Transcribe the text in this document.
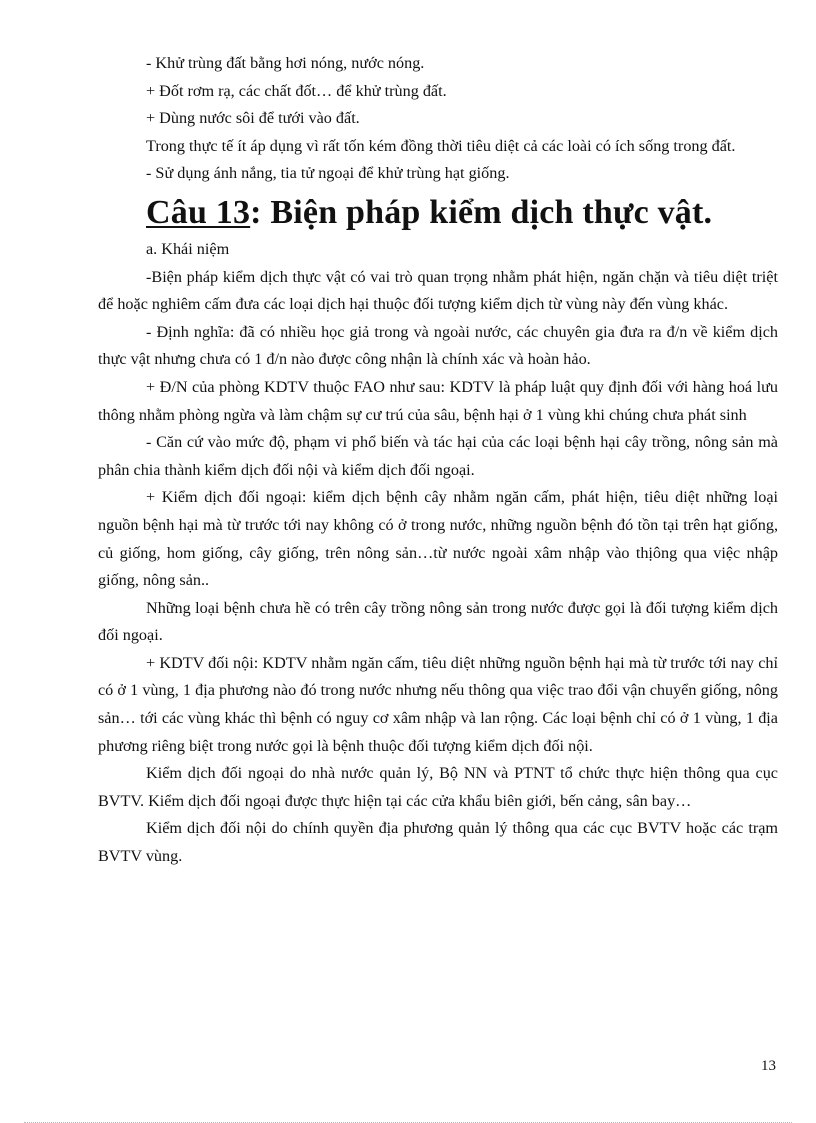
- Khử trùng đất bằng hơi nóng, nước nóng.

+ Đốt rơm rạ, các chất đốt… để khử trùng đất.

+ Dùng nước sôi để tưới vào đất.

Trong thực tế ít áp dụng vì rất tốn kém đồng thời tiêu diệt cả các loài có ích sống trong đất.

- Sử dụng ánh nắng, tia tử ngoại để khử trùng hạt giống.

Câu 13: Biện pháp kiểm dịch thực vật.

a. Khái niệm

-Biện pháp kiểm dịch thực vật có vai trò quan trọng nhằm phát hiện, ngăn chặn và tiêu diệt triệt để hoặc nghiêm cấm đưa các loại dịch hại thuộc đối tượng kiểm dịch từ vùng này đến vùng khác.

- Định nghĩa: đã có nhiều học giả trong và ngoài nước, các chuyên gia đưa ra đ/n về kiểm dịch thực vật nhưng chưa có 1 đ/n nào được công nhận là chính xác và hoàn hảo.

+ Đ/N của phòng KDTV thuộc FAO như sau: KDTV là pháp luật quy định đối với hàng hoá lưu thông nhằm phòng ngừa và làm chậm sự cư trú của sâu, bệnh hại ở 1 vùng khi chúng chưa phát sinh

- Căn cứ vào mức độ, phạm vi phổ biến và tác hại của các loại bệnh hại cây trồng, nông sản mà phân chia thành kiểm dịch đối nội và kiểm dịch đối ngoại.

+ Kiểm dịch đối ngoại: kiểm dịch bệnh cây nhằm ngăn cấm, phát hiện, tiêu diệt những loại nguồn bệnh hại mà từ trước tới nay không có ở trong nước, những nguồn bệnh đó tồn tại trên hạt giống, củ giống, hom giống, cây giống, trên nông sản…từ nước ngoài xâm nhập vào thịông qua việc nhập giống, nông sản..

Những loại bệnh chưa hề có trên cây trồng nông sản trong nước được gọi là đối tượng kiểm dịch đối ngoại.

+ KDTV đối nội: KDTV nhằm ngăn cấm, tiêu diệt những nguồn bệnh hại mà từ trước tới nay chỉ có ở 1 vùng, 1 địa phương nào đó trong nước nhưng nếu thông qua việc trao đổi vận chuyển giống, nông sản… tới các vùng khác thì bệnh có nguy cơ xâm nhập và lan rộng. Các loại bệnh chỉ có ở 1 vùng, 1 địa phương riêng biệt trong nước gọi là bệnh thuộc đối tượng kiểm dịch đối nội.

Kiểm dịch đối ngoại do nhà nước quản lý, Bộ NN và PTNT tổ chức thực hiện thông qua cục BVTV. Kiểm dịch đối ngoại được thực hiện tại các cửa khẩu biên giới, bến cảng, sân bay…

Kiểm dịch đối nội do chính quyền địa phương quản lý thông qua các cục BVTV hoặc các trạm BVTV vùng.

13
